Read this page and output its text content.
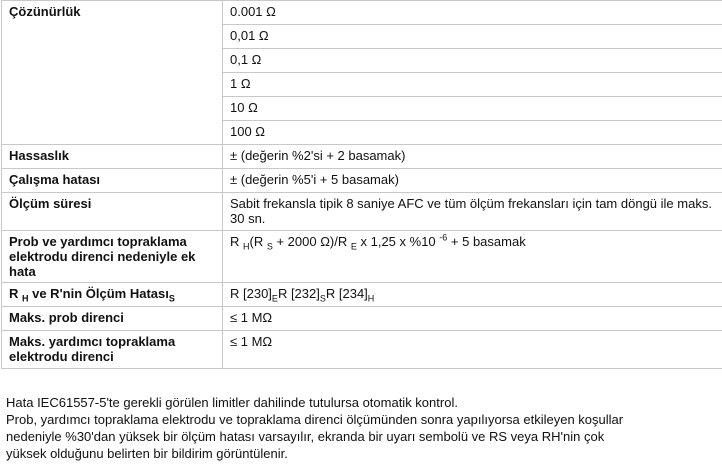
Çözünürlük	0.001 Ω
	0,01 Ω
	0,1 Ω
	1 Ω
	10 Ω
	100 Ω
Hassaslık	± (değerin %2'si + 2 basamak)
Çalışma hatası	± (değerin %5'i + 5 basamak)
Ölçüm süresi	Sabit frekansla tipik 8 saniye AFC ve tüm ölçüm frekansları için tam döngü ile maks. 30 sn.
Prob ve yardımcı topraklama elektrodu direnci nedeniyle ek hata	R $_H$(R $_S$ + 2000 Ω)/R $_E$ x 1,25 x %10 $^{-6}$ + 5 basamak
R $_H$ ve R'nin Ölçüm Hatası$_S$	R $[230]_ER$ $[232]_SR$ $[234]_H$
Maks. prob direnci	≤ 1 MΩ
Maks. yardımcı topraklama elektrodu direnci	≤ 1 MΩ
Hata IEC61557-5'te gerekli görülen limitler dahilinde tutulursa otomatik kontrol.
Prob, yardımcı topraklama elektrodu ve topraklama direnci ölçümünden sonra yapılıyorsa etkileyen koşullar
nedeniyle %30'dan yüksek bir ölçüm hatası varsayılır, ekranda bir uyarı sembolü ve RS veya RH'nin çok
yüksek olduğunu belirten bir bildirim görüntülenir.
